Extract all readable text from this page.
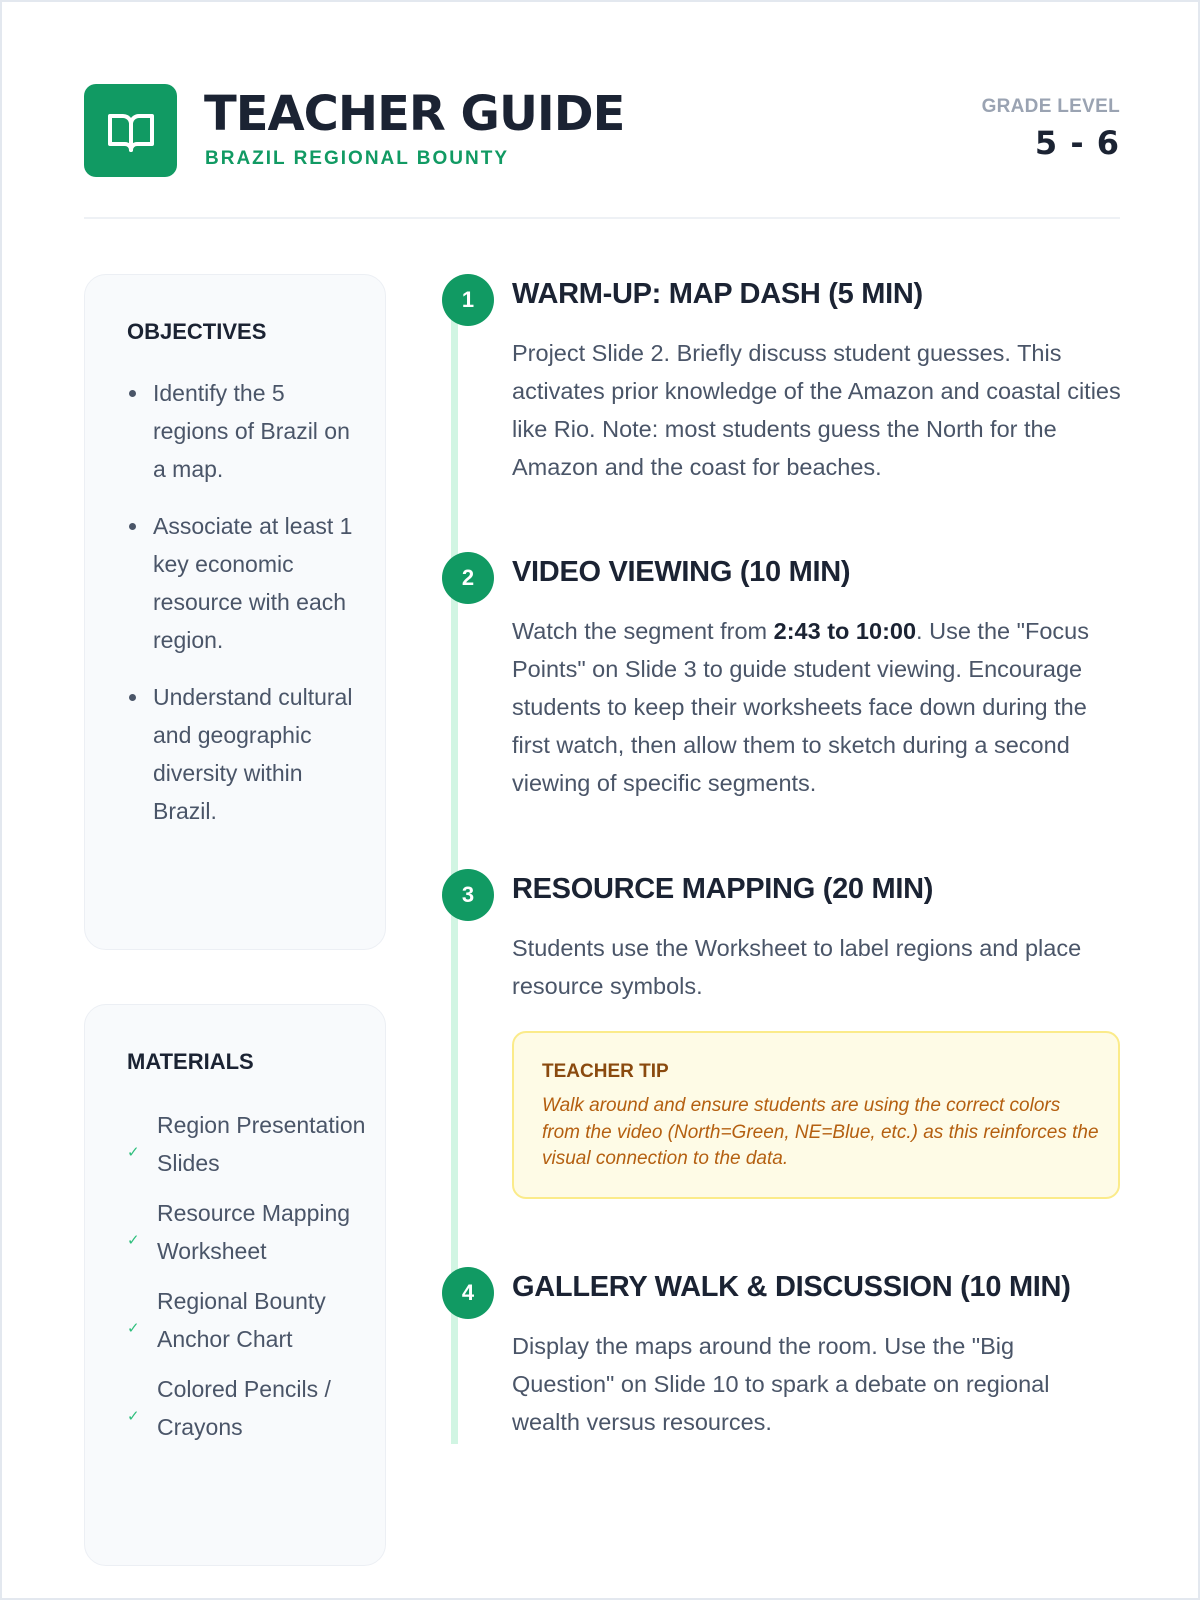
TEACHER GUIDE
BRAZIL REGIONAL BOUNTY
GRADE LEVEL
5 - 6
OBJECTIVES
Identify the 5 regions of Brazil on a map.
Associate at least 1 key economic resource with each region.
Understand cultural and geographic diversity within Brazil.
MATERIALS
✓
Region Presentation Slides
✓
Resource Mapping Worksheet
✓
Regional Bounty Anchor Chart
✓
Colored Pencils / Crayons
1	WARM-UP: MAP DASH (5 MIN)
Project Slide 2. Briefly discuss student guesses. This activates prior knowledge of the Amazon and coastal cities like Rio. Note: most students guess the North for the Amazon and the coast for beaches.
2	VIDEO VIEWING (10 MIN)
Watch the segment from 2:43 to 10:00. Use the "Focus Points" on Slide 3 to guide student viewing. Encourage students to keep their worksheets face down during the first watch, then allow them to sketch during a second viewing of specific segments.
3	RESOURCE MAPPING (20 MIN)
Students use the Worksheet to label regions and place resource symbols.
TEACHER TIP
Walk around and ensure students are using the correct colors from the video (North=Green, NE=Blue, etc.) as this reinforces the visual connection to the data.
4	GALLERY WALK & DISCUSSION (10 MIN)
Display the maps around the room. Use the "Big Question" on Slide 10 to spark a debate on regional wealth versus resources.
